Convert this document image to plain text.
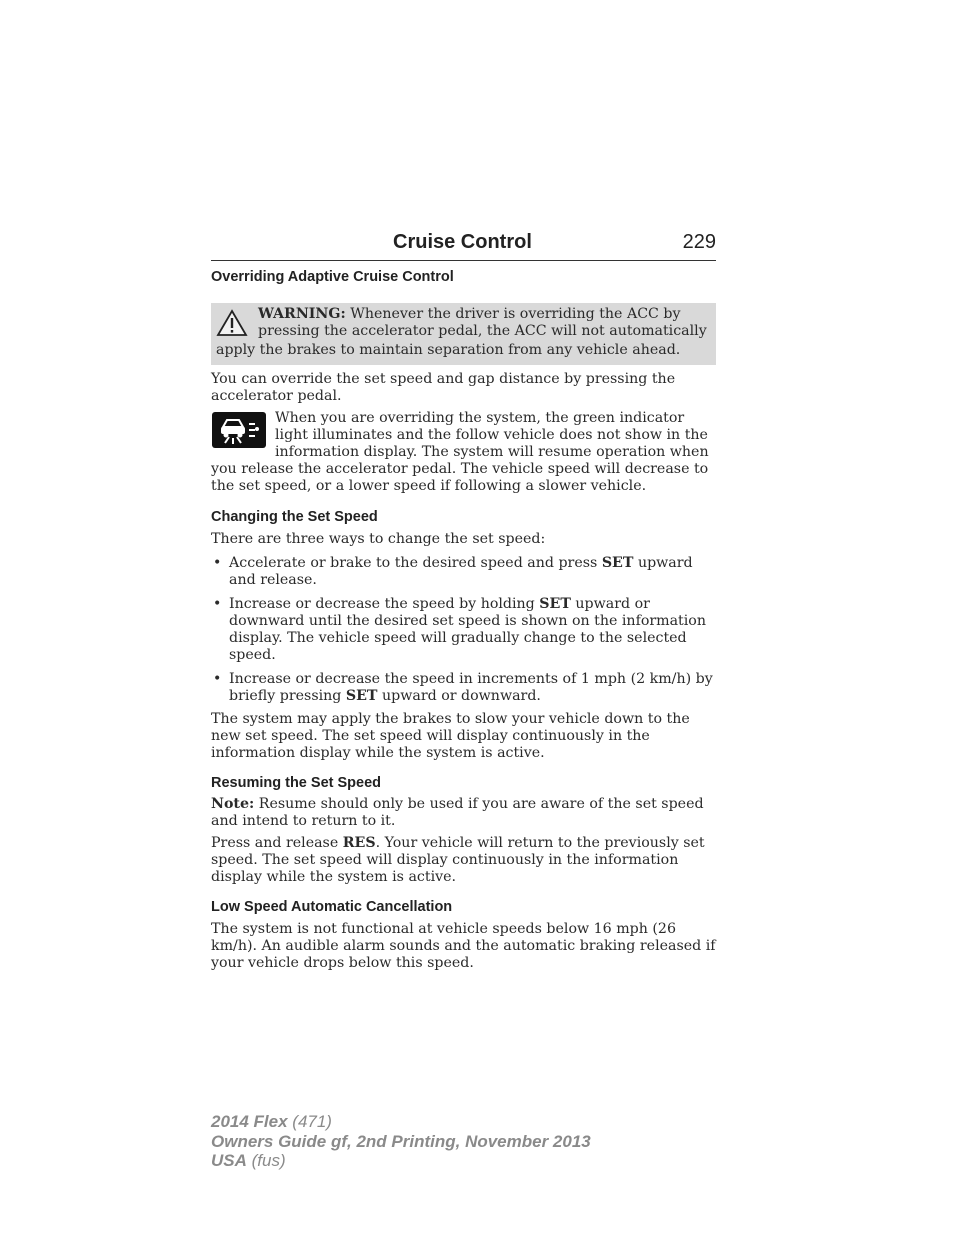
Cruise Control	229
Overriding Adaptive Cruise Control
WARNING: Whenever the driver is overriding the ACC by
pressing the accelerator pedal, the ACC will not automatically
apply the brakes to maintain separation from any vehicle ahead.

You can override the set speed and gap distance by pressing the accelerator pedal.

When you are overriding the system, the green indicator light illuminates and the follow vehicle does not show in the information display. The system will resume operation when you release the accelerator pedal. The vehicle speed will decrease to the set speed, or a lower speed if following a slower vehicle.
Changing the Set Speed

There are three ways to change the set speed:

• Accelerate or brake to the desired speed and press SET upward and release.
• Increase or decrease the speed by holding SET upward or downward until the desired set speed is shown on the information display. The vehicle speed will gradually change to the selected speed.
• Increase or decrease the speed in increments of 1 mph (2 km/h) by briefly pressing SET upward or downward.

The system may apply the brakes to slow your vehicle down to the new set speed. The set speed will display continuously in the information display while the system is active.

Resuming the Set Speed

Note: Resume should only be used if you are aware of the set speed and intend to return to it.

Press and release RES. Your vehicle will return to the previously set speed. The set speed will display continuously in the information display while the system is active.

Low Speed Automatic Cancellation

The system is not functional at vehicle speeds below 16 mph (26 km/h). An audible alarm sounds and the automatic braking released if your vehicle drops below this speed.

2014 Flex (471)
Owners Guide gf, 2nd Printing, November 2013
USA (fus)
